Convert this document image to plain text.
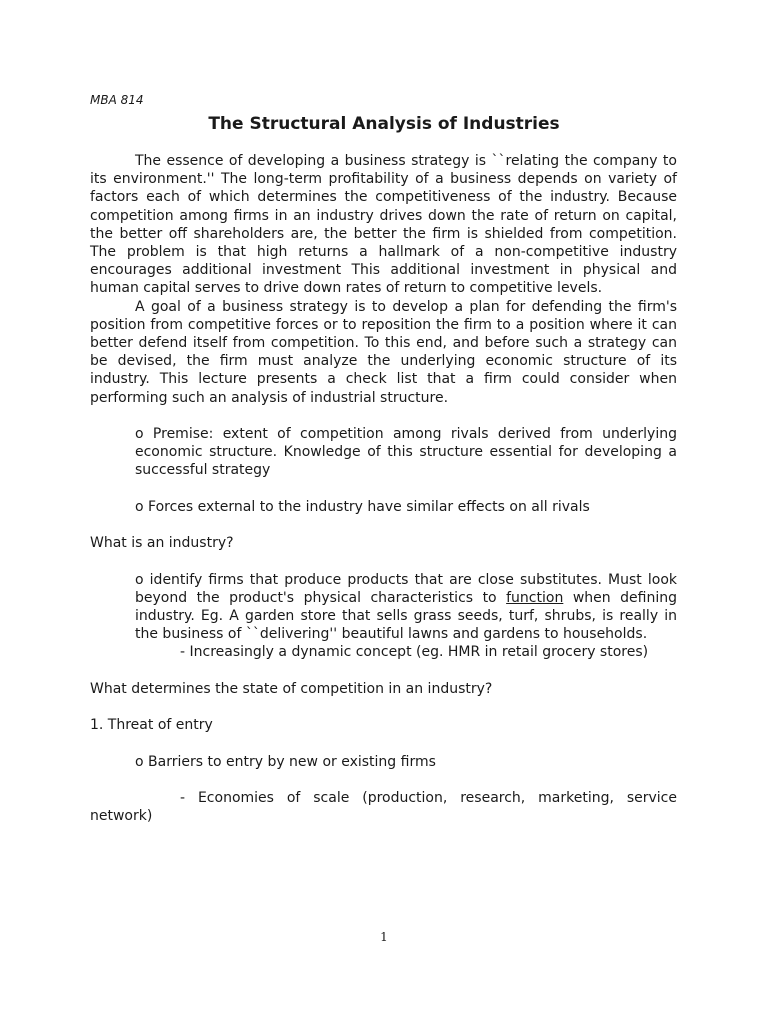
MBA 814

The Structural Analysis of Industries

The essence of developing a business strategy is ``relating the company to its environment.'' The long-term profitability of a business depends on variety of factors each of which determines the competitiveness of the industry. Because competition among firms in an industry drives down the rate of return on capital, the better off shareholders are, the better the firm is shielded from competition. The problem is that high returns a hallmark of a non-competitive industry encourages additional investment This additional investment in physical and human capital serves to drive down rates of return to competitive levels.

A goal of a business strategy is to develop a plan for defending the firm's position from competitive forces or to reposition the firm to a position where it can better defend itself from competition. To this end, and before such a strategy can be devised, the firm must analyze the underlying economic structure of its industry. This lecture presents a check list that a firm could consider when performing such an analysis of industrial structure.

o Premise: extent of competition among rivals derived from underlying economic structure. Knowledge of this structure essential for developing a successful strategy

o Forces external to the industry have similar effects on all rivals

What is an industry?

o identify firms that produce products that are close substitutes. Must look beyond the product's physical characteristics to function when defining industry. Eg. A garden store that sells grass seeds, turf, shrubs, is really in the business of ``delivering'' beautiful lawns and gardens to households.

- Increasingly a dynamic concept (eg. HMR in retail grocery stores)

What determines the state of competition in an industry?

1. Threat of entry

o Barriers to entry by new or existing firms

- Economies of scale (production, research, marketing, service network)

1
